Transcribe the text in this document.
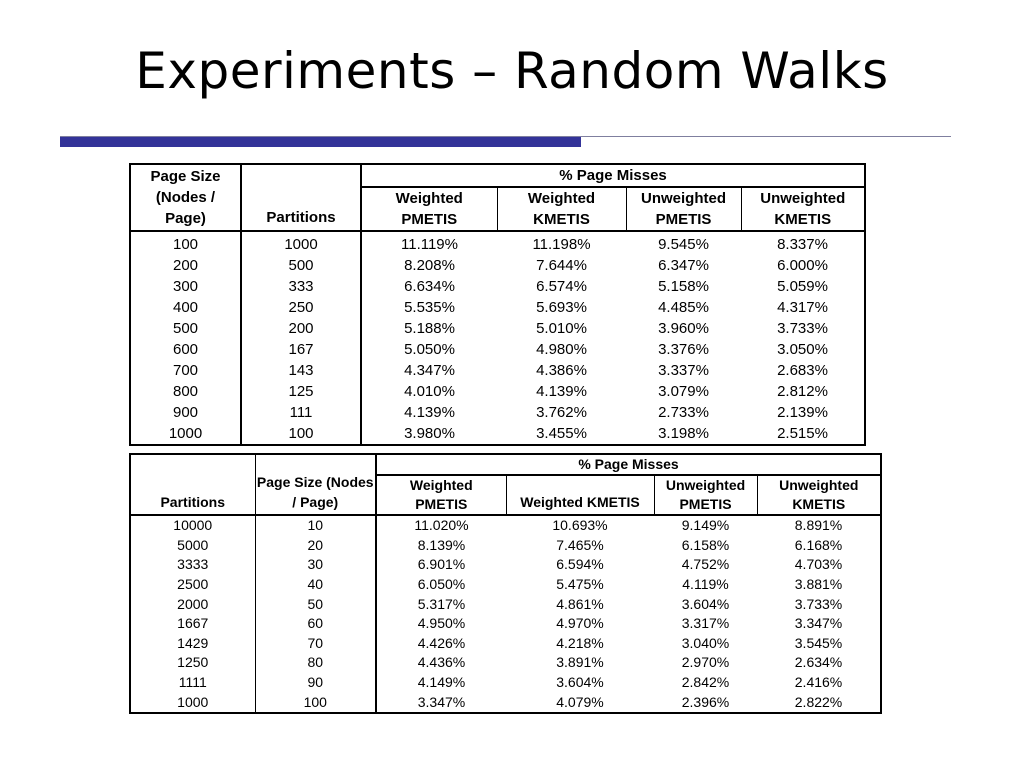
Experiments – Random Walks
Page Size (Nodes / Page)	Partitions	% Page Misses			
		Weighted PMETIS	Weighted KMETIS	Unweighted PMETIS	Unweighted KMETIS
100	1000	11.119%	11.198%	9.545%	8.337%
200	500	8.208%	7.644%	6.347%	6.000%
300	333	6.634%	6.574%	5.158%	5.059%
400	250	5.535%	5.693%	4.485%	4.317%
500	200	5.188%	5.010%	3.960%	3.733%
600	167	5.050%	4.980%	3.376%	3.050%
700	143	4.347%	4.386%	3.337%	2.683%
800	125	4.010%	4.139%	3.079%	2.812%
900	111	4.139%	3.762%	2.733%	2.139%
1000	100	3.980%	3.455%	3.198%	2.515%
Partitions	Page Size (Nodes / Page)	% Page Misses			
		Weighted PMETIS	Weighted KMETIS	Unweighted PMETIS	Unweighted KMETIS
10000	10	11.020%	10.693%	9.149%	8.891%
5000	20	8.139%	7.465%	6.158%	6.168%
3333	30	6.901%	6.594%	4.752%	4.703%
2500	40	6.050%	5.475%	4.119%	3.881%
2000	50	5.317%	4.861%	3.604%	3.733%
1667	60	4.950%	4.970%	3.317%	3.347%
1429	70	4.426%	4.218%	3.040%	3.545%
1250	80	4.436%	3.891%	2.970%	2.634%
1111	90	4.149%	3.604%	2.842%	2.416%
1000	100	3.347%	4.079%	2.396%	2.822%
